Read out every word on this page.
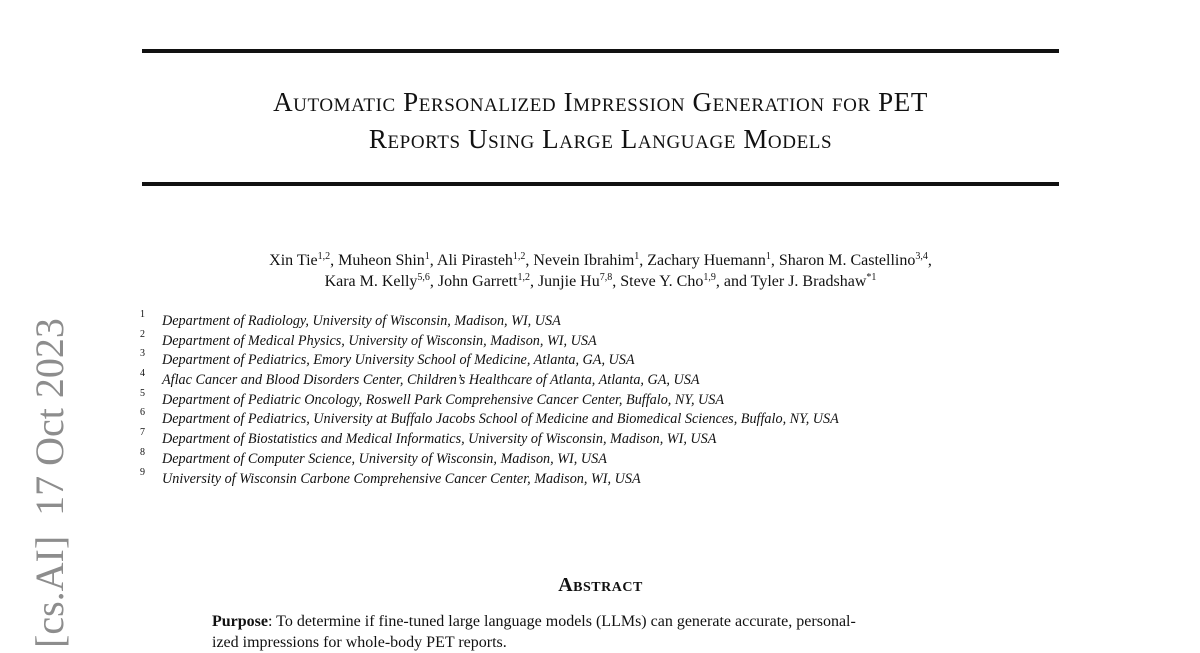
[cs.AI]  17 Oct 2023
Automatic Personalized Impression Generation for PET
Reports Using Large Language Models
Xin Tie$^{1,2}$, Muheon Shin$^1$, Ali Pirasteh$^{1,2}$, Nevein Ibrahim$^1$, Zachary Huemann$^1$, Sharon M. Castellino$^{3,4}$,
Kara M. Kelly$^{5,6}$, John Garrett$^{1,2}$, Junjie Hu$^{7,8}$, Steve Y. Cho$^{1,9}$, and Tyler J. Bradshaw$^{*1}$
1 Department of Radiology, University of Wisconsin, Madison, WI, USA
2 Department of Medical Physics, University of Wisconsin, Madison, WI, USA
3 Department of Pediatrics, Emory University School of Medicine, Atlanta, GA, USA
4 Aflac Cancer and Blood Disorders Center, Children’s Healthcare of Atlanta, Atlanta, GA, USA
5 Department of Pediatric Oncology, Roswell Park Comprehensive Cancer Center, Buffalo, NY, USA
6 Department of Pediatrics, University at Buffalo Jacobs School of Medicine and Biomedical Sciences, Buffalo, NY, USA
7 Department of Biostatistics and Medical Informatics, University of Wisconsin, Madison, WI, USA
8 Department of Computer Science, University of Wisconsin, Madison, WI, USA
9 University of Wisconsin Carbone Comprehensive Cancer Center, Madison, WI, USA
Abstract
Purpose: To determine if fine-tuned large language models (LLMs) can generate accurate, personal-
ized impressions for whole-body PET reports.
